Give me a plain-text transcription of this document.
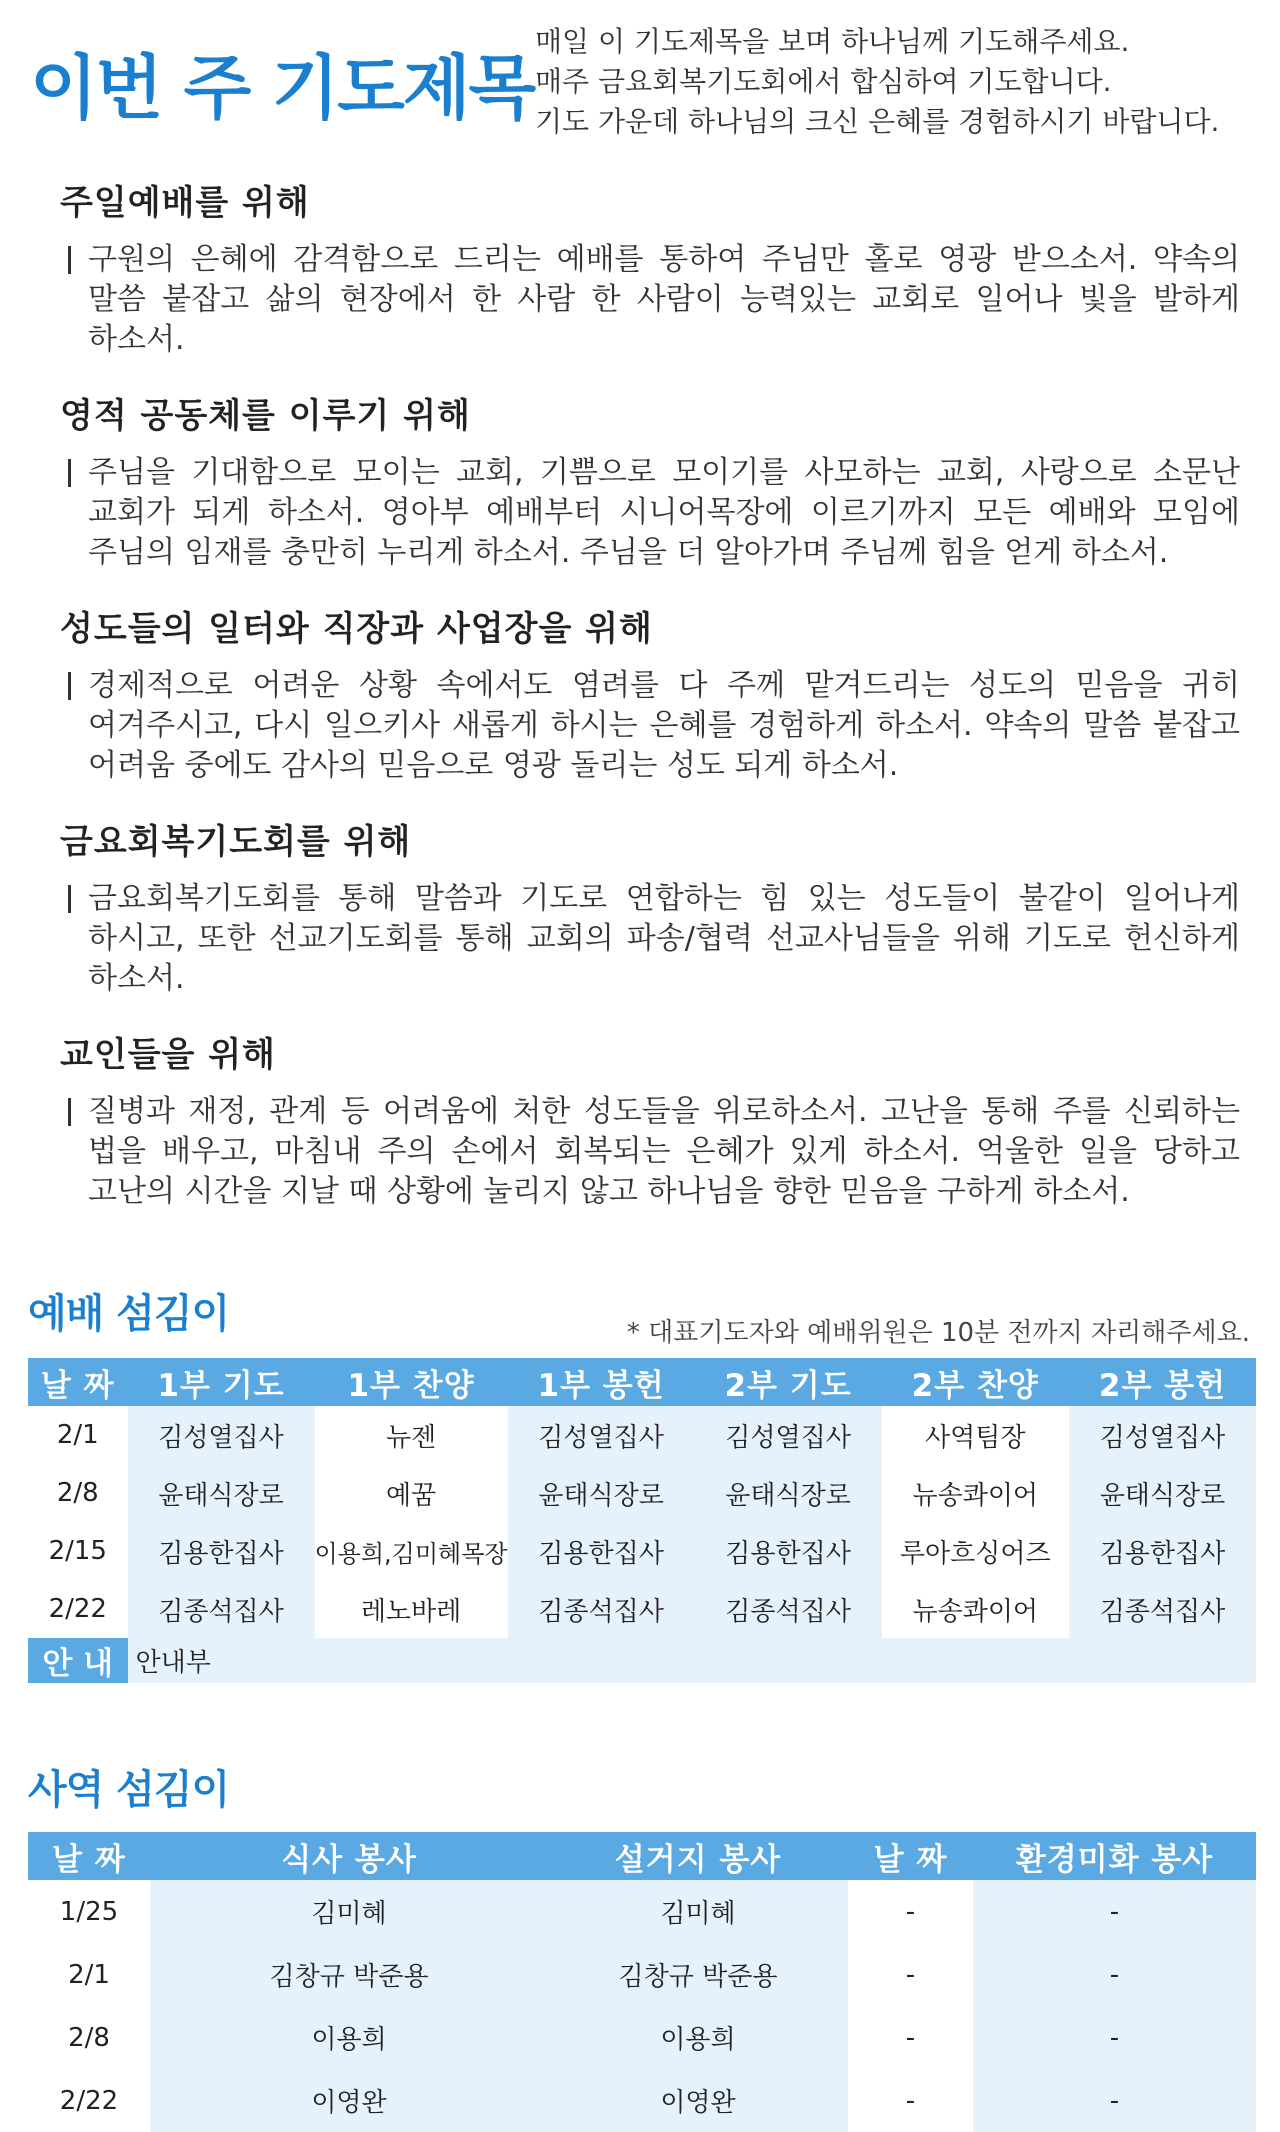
이번 주 기도제목
매일 이 기도제목을 보며 하나님께 기도해주세요.
매주 금요회복기도회에서 합심하여 기도합니다.
기도 가운데 하나님의 크신 은혜를 경험하시기 바랍니다.
주일예배를 위해
구원의 은혜에 감격함으로 드리는 예배를 통하여 주님만 홀로 영광 받으소서. 약속의 말씀 붙잡고 삶의 현장에서 한 사람 한 사람이 능력있는 교회로 일어나 빛을 발하게 하소서.
영적 공동체를 이루기 위해
주님을 기대함으로 모이는 교회, 기쁨으로 모이기를 사모하는 교회, 사랑으로 소문난 교회가 되게 하소서. 영아부 예배부터 시니어목장에 이르기까지 모든 예배와 모임에 주님의 임재를 충만히 누리게 하소서. 주님을 더 알아가며 주님께 힘을 얻게 하소서.
성도들의 일터와 직장과 사업장을 위해
경제적으로 어려운 상황 속에서도 염려를 다 주께 맡겨드리는 성도의 믿음을 귀히 여겨주시고, 다시 일으키사 새롭게 하시는 은혜를 경험하게 하소서. 약속의 말씀 붙잡고 어려움 중에도 감사의 믿음으로 영광 돌리는 성도 되게 하소서.
금요회복기도회를 위해
금요회복기도회를 통해 말씀과 기도로 연합하는 힘 있는 성도들이 불같이 일어나게 하시고, 또한 선교기도회를 통해 교회의 파송/협력 선교사님들을 위해 기도로 헌신하게 하소서.
교인들을 위해
질병과 재정, 관계 등 어려움에 처한 성도들을 위로하소서. 고난을 통해 주를 신뢰하는 법을 배우고, 마침내 주의 손에서 회복되는 은혜가 있게 하소서. 억울한 일을 당하고 고난의 시간을 지날 때 상황에 눌리지 않고 하나님을 향한 믿음을 구하게 하소서.
예배 섬김이	* 대표기도자와 예배위원은 10분 전까지 자리해주세요.
날 짜	1부 기도	1부 찬양	1부 봉헌	2부 기도	2부 찬양	2부 봉헌
2/1	김성열집사	뉴젠	김성열집사	김성열집사	사역팀장	김성열집사
2/8	윤태식장로	예꿈	윤태식장로	윤태식장로	뉴송콰이어	윤태식장로
2/15	김용한집사	이용희,김미혜목장	김용한집사	김용한집사	루아흐싱어즈	김용한집사
2/22	김종석집사	레노바레	김종석집사	김종석집사	뉴송콰이어	김종석집사
안 내	안내부					
사역 섬김이
날 짜	식사 봉사	설거지 봉사	날 짜	환경미화 봉사
1/25	김미혜	김미혜	-	-
2/1	김창규 박준용	김창규 박준용	-	-
2/8	이용희	이용희	-	-
2/22	이영완	이영완	-	-
